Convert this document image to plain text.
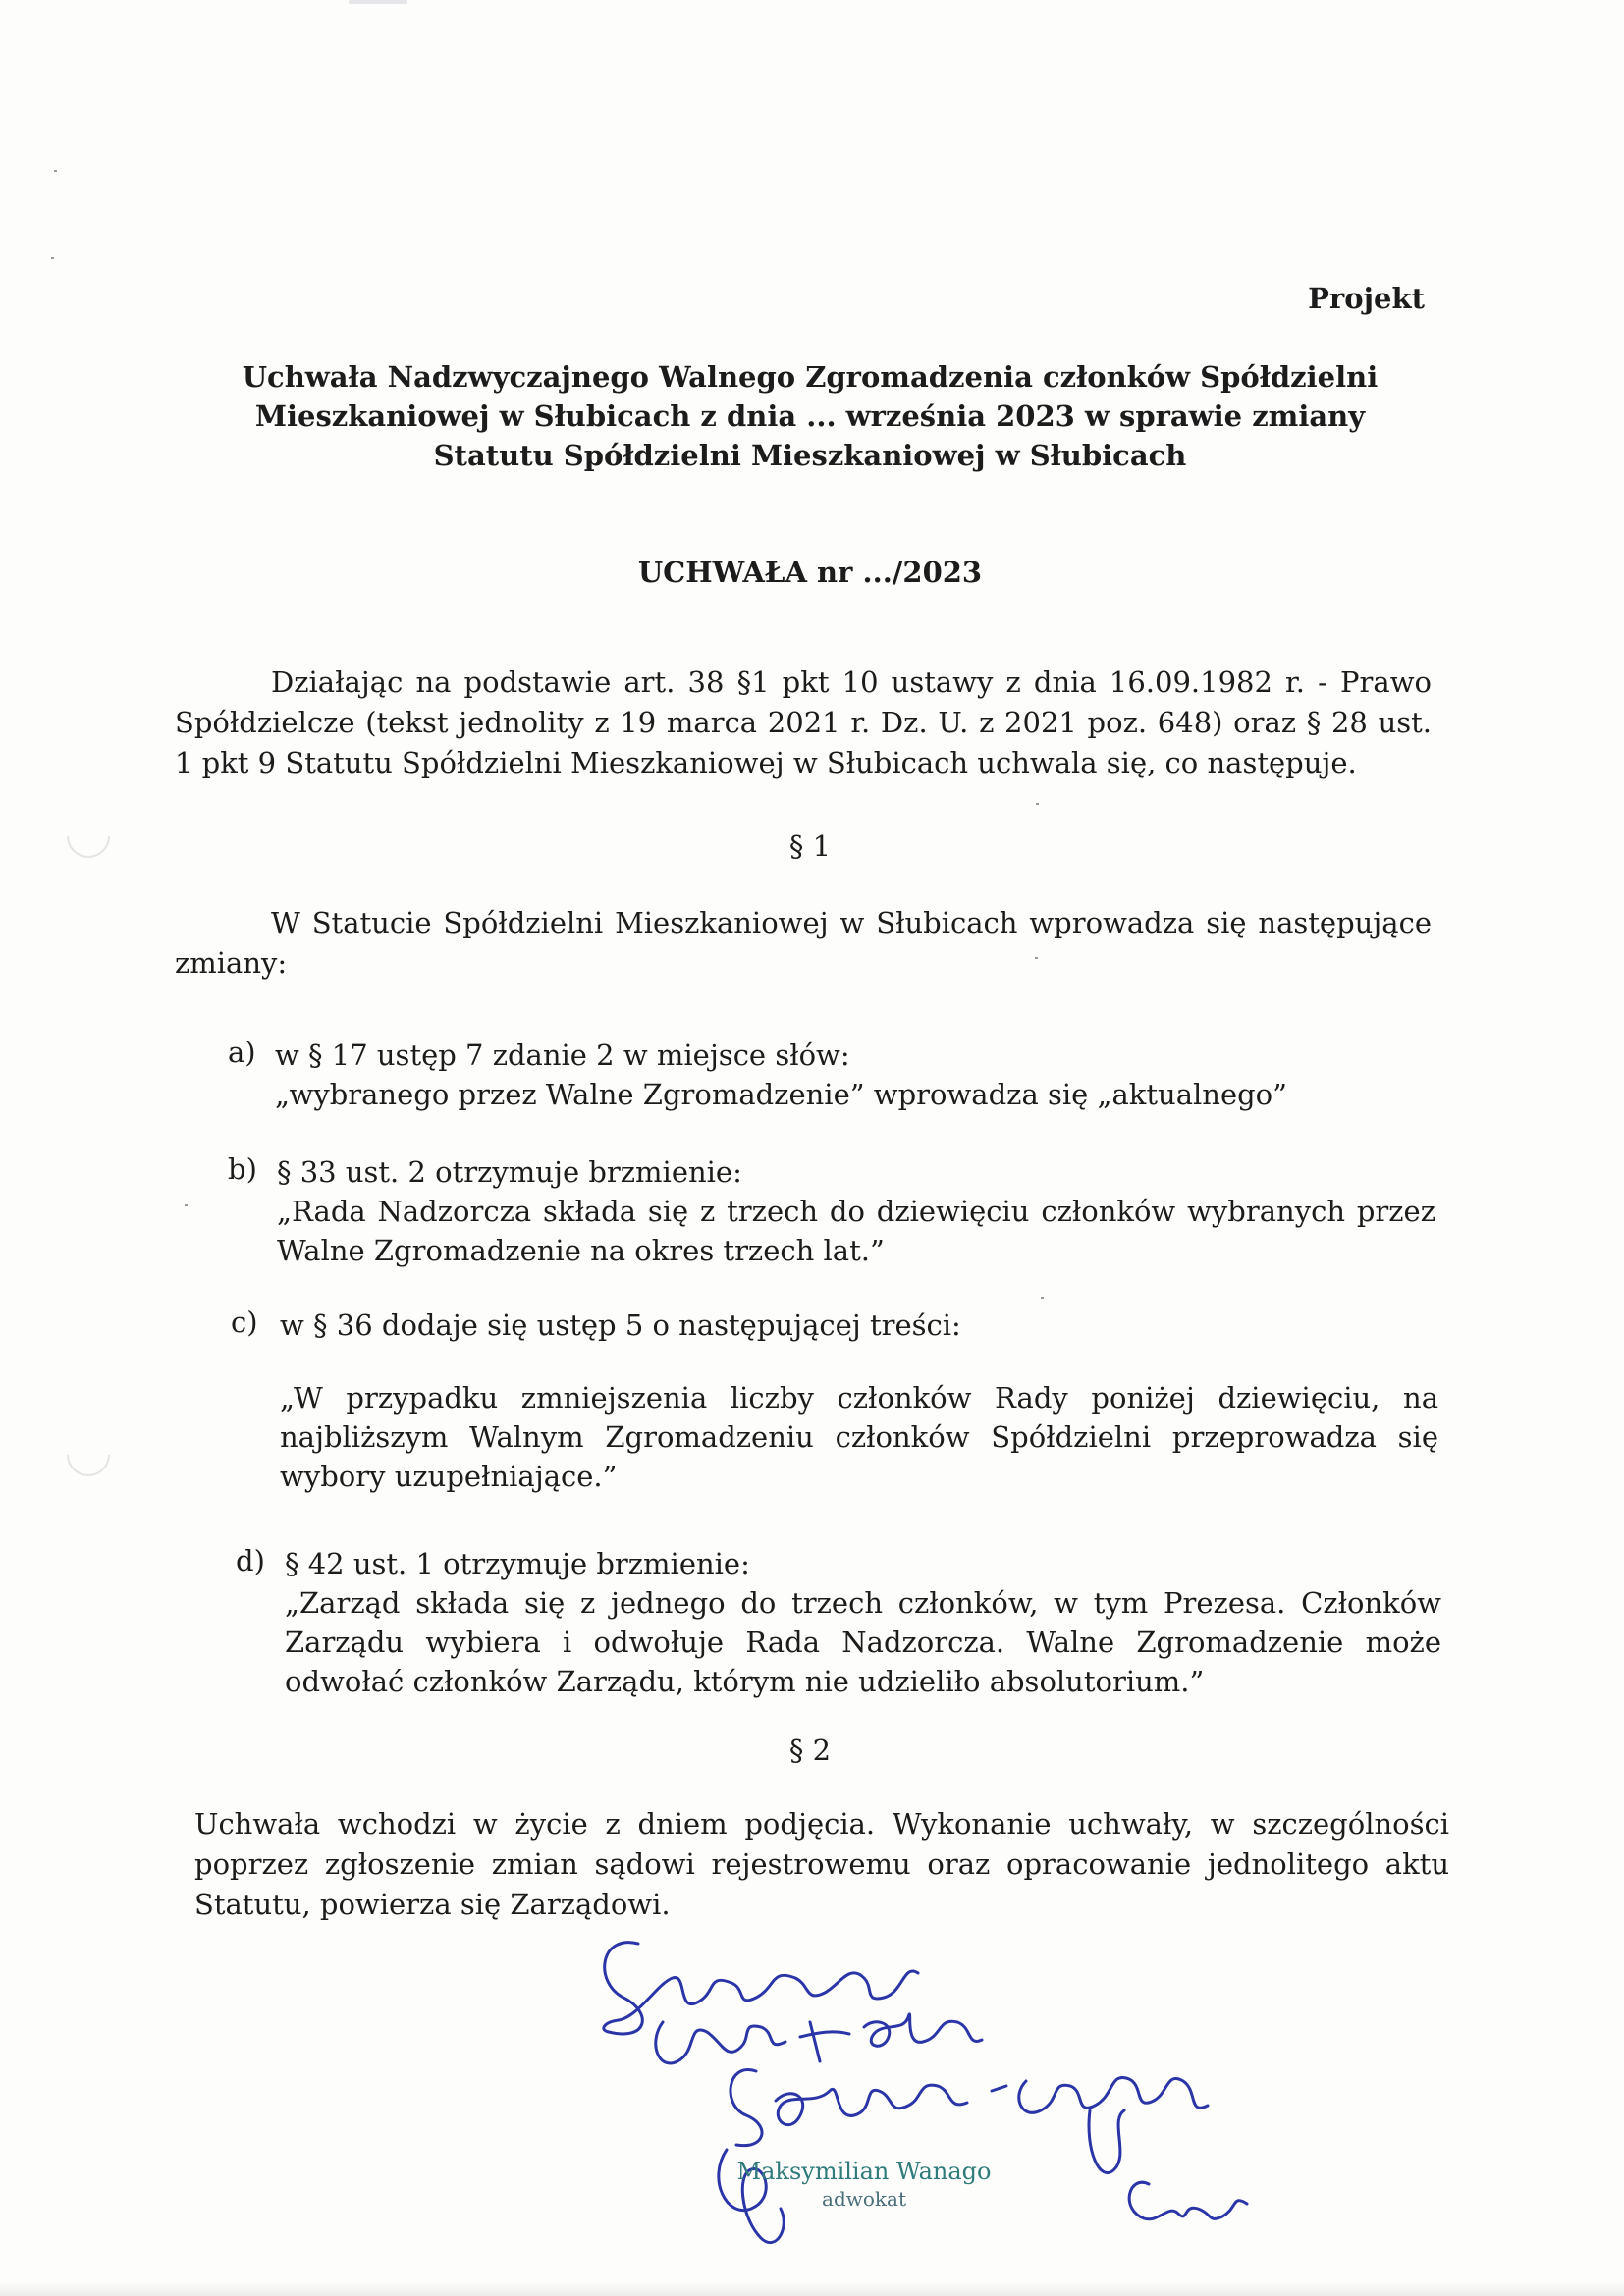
Projekt
Uchwała Nadzwyczajnego Walnego Zgromadzenia członków Spółdzielni
Mieszkaniowej w Słubicach z dnia ... września 2023 w sprawie zmiany
Statutu Spółdzielni Mieszkaniowej w Słubicach
UCHWAŁA nr .../2023
Działając na podstawie art. 38 §1 pkt 10 ustawy z dnia 16.09.1982 r. - Prawo Spółdzielcze (tekst jednolity z 19 marca 2021 r. Dz. U. z 2021 poz. 648) oraz § 28 ust. 1 pkt 9 Statutu Spółdzielni Mieszkaniowej w Słubicach uchwala się, co następuje.
§ 1
W Statucie Spółdzielni Mieszkaniowej w Słubicach wprowadza się następujące zmiany:
a) w § 17 ustęp 7 zdanie 2 w miejsce słów:
„wybranego przez Walne Zgromadzenie” wprowadza się „aktualnego”
b) § 33 ust. 2 otrzymuje brzmienie:
„Rada Nadzorcza składa się z trzech do dziewięciu członków wybranych przez Walne Zgromadzenie na okres trzech lat.”
c) w § 36 dodaje się ustęp 5 o następującej treści:
„W przypadku zmniejszenia liczby członków Rady poniżej dziewięciu, na najbliższym Walnym Zgromadzeniu członków Spółdzielni przeprowadza się wybory uzupełniające.”
d) § 42 ust. 1 otrzymuje brzmienie:
„Zarząd składa się z jednego do trzech członków, w tym Prezesa. Członków Zarządu wybiera i odwołuje Rada Nadzorcza. Walne Zgromadzenie może odwołać członków Zarządu, którym nie udzieliło absolutorium.”
§ 2
Uchwała wchodzi w życie z dniem podjęcia. Wykonanie uchwały, w szczególności poprzez zgłoszenie zmian sądowi rejestrowemu oraz opracowanie jednolitego aktu Statutu, powierza się Zarządowi.
Maksymilian Wanago
adwokat
